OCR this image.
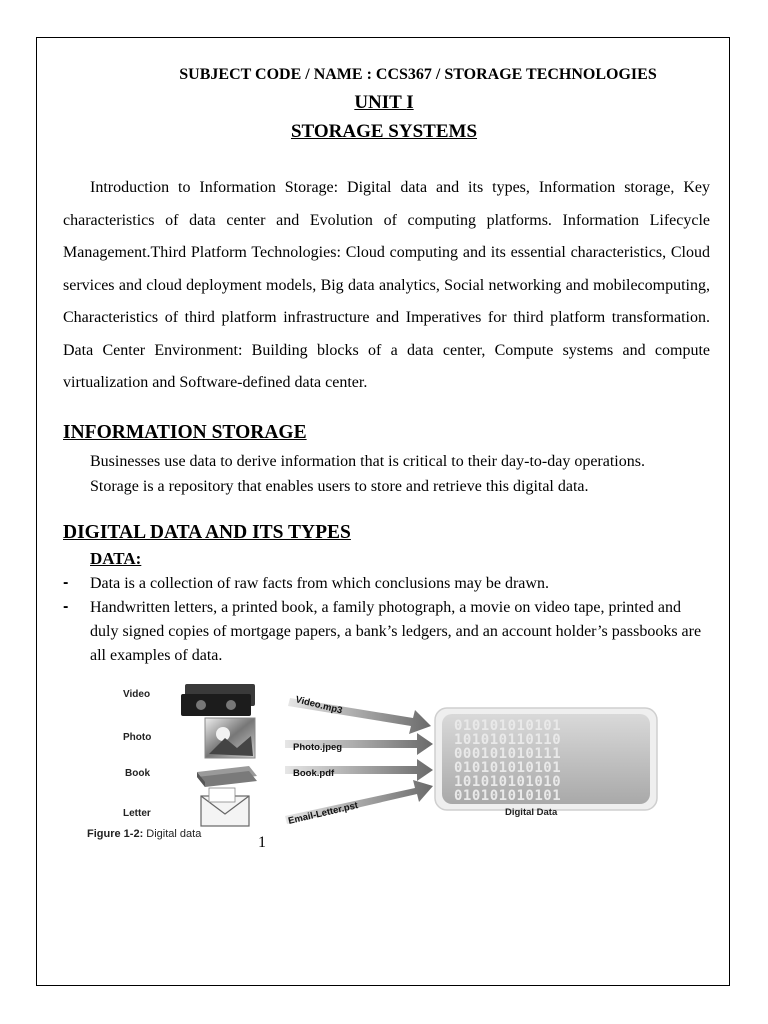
SUBJECT CODE / NAME : CCS367 / STORAGE TECHNOLOGIES
UNIT I
STORAGE SYSTEMS

Introduction to Information Storage: Digital data and its types, Information storage, Key characteristics of data center and Evolution of computing platforms. Information Lifecycle Management.Third Platform Technologies: Cloud computing and its essential characteristics, Cloud services and cloud deployment models, Big data analytics, Social networking and mobilecomputing, Characteristics of third platform infrastructure and Imperatives for third platform transformation. Data Center Environment: Building blocks of a data center, Compute systems and compute virtualization and Software-defined data center.

INFORMATION STORAGE

Businesses use data to derive information that is critical to their day-to-day operations.
Storage is a repository that enables users to store and retrieve this digital data.

DIGITAL DATA AND ITS TYPES
DATA:
- Data is a collection of raw facts from which conclusions may be drawn.
- Handwritten letters, a printed book, a family photograph, a movie on video tape, printed and duly signed copies of mortgage papers, a bank’s ledgers, and an account holder’s passbooks are all examples of data.
Video
Photo
Book
Letter
Video.mp3
Photo.jpeg
Book.pdf
Email-Letter.pst
010101010101
101010110110
000101010111
010101010101
101010101010
010101010101
Digital Data
Figure 1-2: Digital data	1
